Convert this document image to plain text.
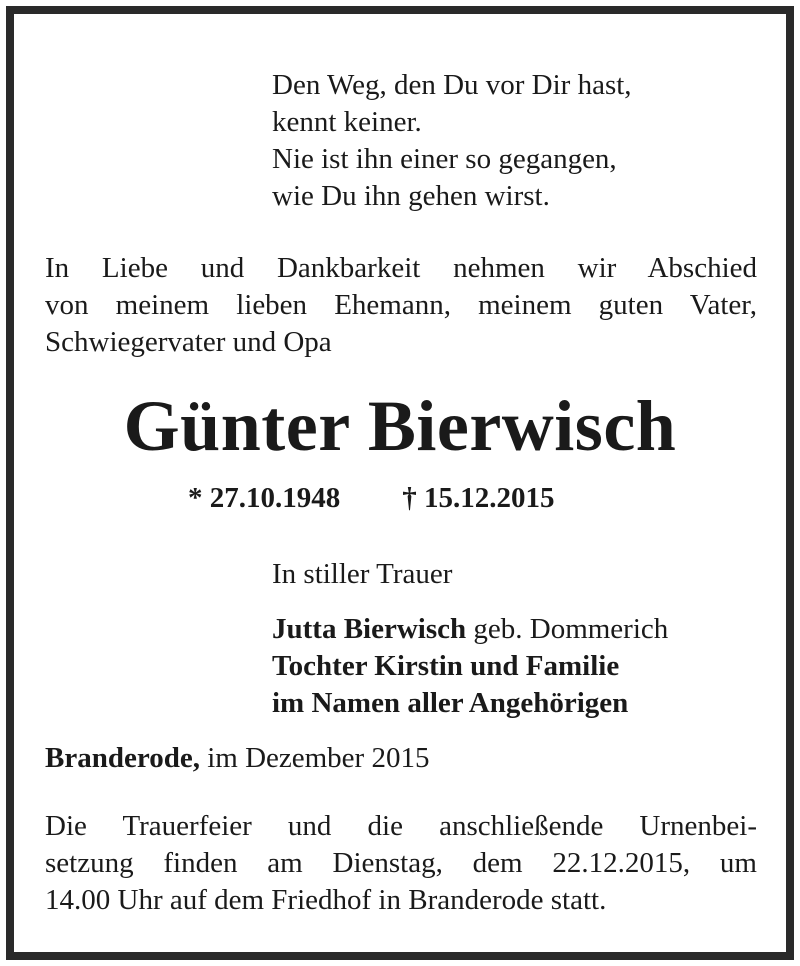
Den Weg, den Du vor Dir hast,
kennt keiner.
Nie ist ihn einer so gegangen,
wie Du ihn gehen wirst.
In Liebe und Dankbarkeit nehmen wir Abschied
von meinem lieben Ehemann, meinem guten Vater,
Schwiegervater und Opa
Günter Bierwisch
* 27.10.1948 † 15.12.2015
In stiller Trauer
Jutta Bierwisch geb. Dommerich
Tochter Kirstin und Familie
im Namen aller Angehörigen
Branderode, im Dezember 2015
Die Trauerfeier und die anschließende Urnenbei-
setzung finden am Dienstag, dem 22.12.2015, um
14.00 Uhr auf dem Friedhof in Branderode statt.
